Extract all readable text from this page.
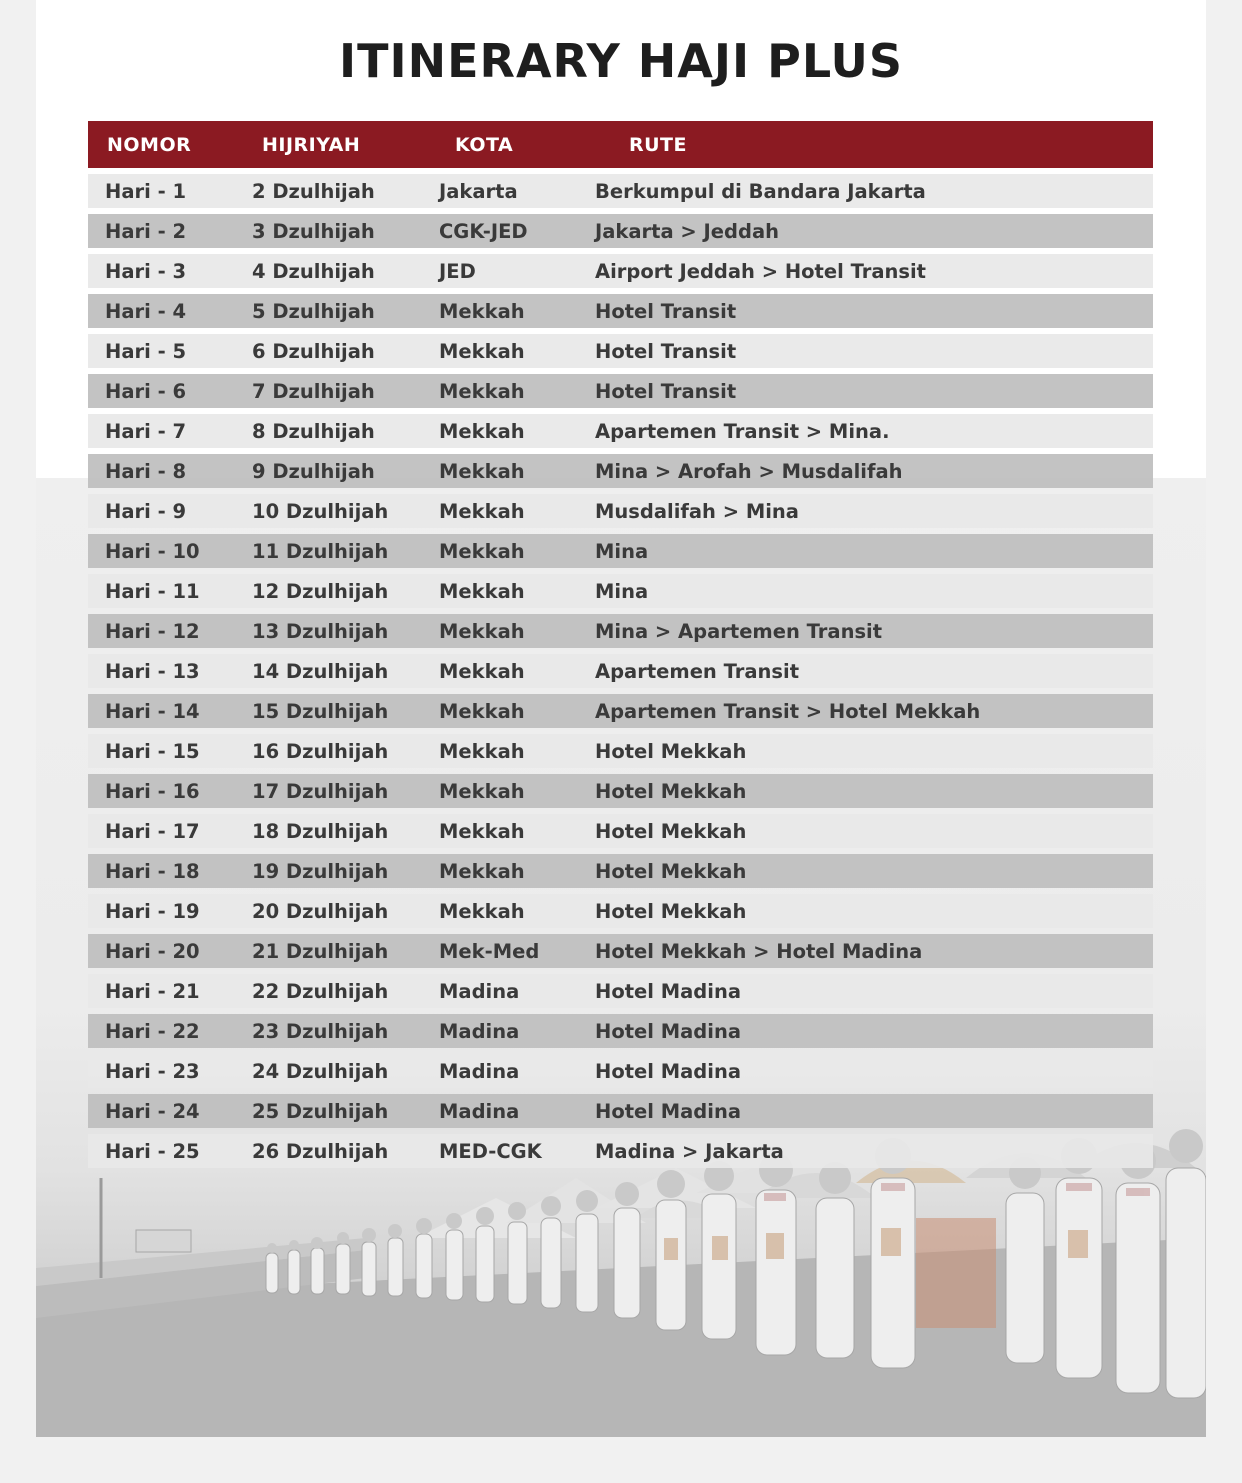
ITINERARY HAJI PLUS
NOMOR	HIJRIYAH	KOTA	RUTE
Hari - 1	2 Dzulhijah	Jakarta	Berkumpul di Bandara Jakarta
Hari - 2	3 Dzulhijah	CGK-JED	Jakarta > Jeddah
Hari - 3	4 Dzulhijah	JED	Airport Jeddah > Hotel Transit
Hari - 4	5 Dzulhijah	Mekkah	Hotel Transit
Hari - 5	6 Dzulhijah	Mekkah	Hotel Transit
Hari - 6	7 Dzulhijah	Mekkah	Hotel Transit
Hari - 7	8 Dzulhijah	Mekkah	Apartemen Transit > Mina.
Hari - 8	9 Dzulhijah	Mekkah	Mina > Arofah > Musdalifah
Hari - 9	10 Dzulhijah	Mekkah	Musdalifah > Mina
Hari - 10	11 Dzulhijah	Mekkah	Mina
Hari - 11	12 Dzulhijah	Mekkah	Mina
Hari - 12	13 Dzulhijah	Mekkah	Mina > Apartemen Transit
Hari - 13	14 Dzulhijah	Mekkah	Apartemen Transit
Hari - 14	15 Dzulhijah	Mekkah	Apartemen Transit > Hotel Mekkah
Hari - 15	16 Dzulhijah	Mekkah	Hotel Mekkah
Hari - 16	17 Dzulhijah	Mekkah	Hotel Mekkah
Hari - 17	18 Dzulhijah	Mekkah	Hotel Mekkah
Hari - 18	19 Dzulhijah	Mekkah	Hotel Mekkah
Hari - 19	20 Dzulhijah	Mekkah	Hotel Mekkah
Hari - 20	21 Dzulhijah	Mek-Med	Hotel Mekkah > Hotel Madina
Hari - 21	22 Dzulhijah	Madina	Hotel Madina
Hari - 22	23 Dzulhijah	Madina	Hotel Madina
Hari - 23	24 Dzulhijah	Madina	Hotel Madina
Hari - 24	25 Dzulhijah	Madina	Hotel Madina
Hari - 25	26 Dzulhijah	MED-CGK	Madina > Jakarta
